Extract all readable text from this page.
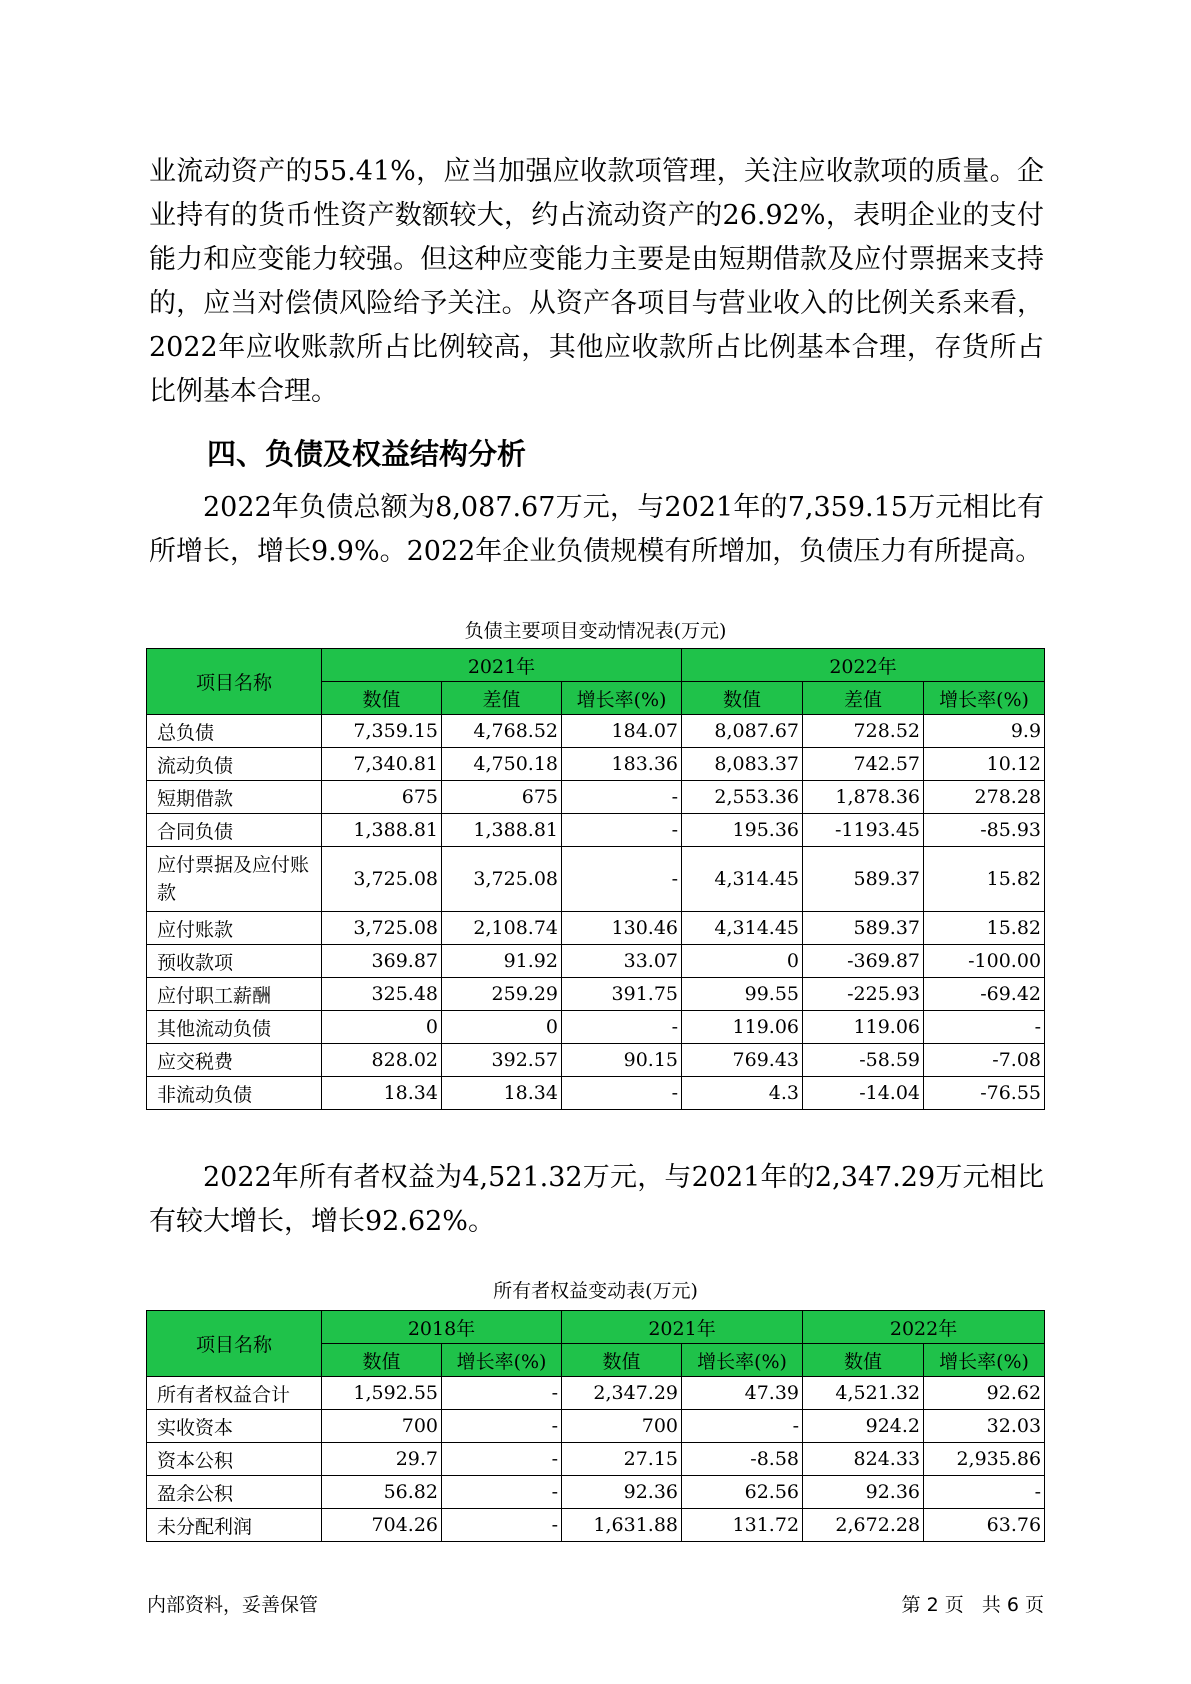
业流动资产的55.41%，应当加强应收款项管理，关注应收款项的质量。企业持有的货币性资产数额较大，约占流动资产的26.92%，表明企业的支付能力和应变能力较强。但这种应变能力主要是由短期借款及应付票据来支持的，应当对偿债风险给予关注。从资产各项目与营业收入的比例关系来看，2022年应收账款所占比例较高，其他应收款所占比例基本合理，存货所占比例基本合理。

四、负债及权益结构分析

2022年负债总额为8,087.67万元，与2021年的7,359.15万元相比有所增长，增长9.9%。2022年企业负债规模有所增加，负债压力有所提高。

负债主要项目变动情况表(万元)
项目名称	2021年			2022年		
	数值	差值	增长率(%)	数值	差值	增长率(%)
总负债	7,359.15	4,768.52	184.07	8,087.67	728.52	9.9
流动负债	7,340.81	4,750.18	183.36	8,083.37	742.57	10.12
短期借款	675	675	-	2,553.36	1,878.36	278.28
合同负债	1,388.81	1,388.81	-	195.36	-1193.45	-85.93
应付票据及应付账款	3,725.08	3,725.08	-	4,314.45	589.37	15.82
应付账款	3,725.08	2,108.74	130.46	4,314.45	589.37	15.82
预收款项	369.87	91.92	33.07	0	-369.87	-100.00
应付职工薪酬	325.48	259.29	391.75	99.55	-225.93	-69.42
其他流动负债	0	0	-	119.06	119.06	-
应交税费	828.02	392.57	90.15	769.43	-58.59	-7.08
非流动负债	18.34	18.34	-	4.3	-14.04	-76.55

2022年所有者权益为4,521.32万元，与2021年的2,347.29万元相比有较大增长，增长92.62%。

所有者权益变动表(万元)
项目名称	2018年		2021年		2022年	
	数值	增长率(%)	数值	增长率(%)	数值	增长率(%)
所有者权益合计	1,592.55	-	2,347.29	47.39	4,521.32	92.62
实收资本	700	-	700	-	924.2	32.03
资本公积	29.7	-	27.15	-8.58	824.33	2,935.86
盈余公积	56.82	-	92.36	62.56	92.36	-
未分配利润	704.26	-	1,631.88	131.72	2,672.28	63.76
内部资料，妥善保管	第 2 页   共 6 页
